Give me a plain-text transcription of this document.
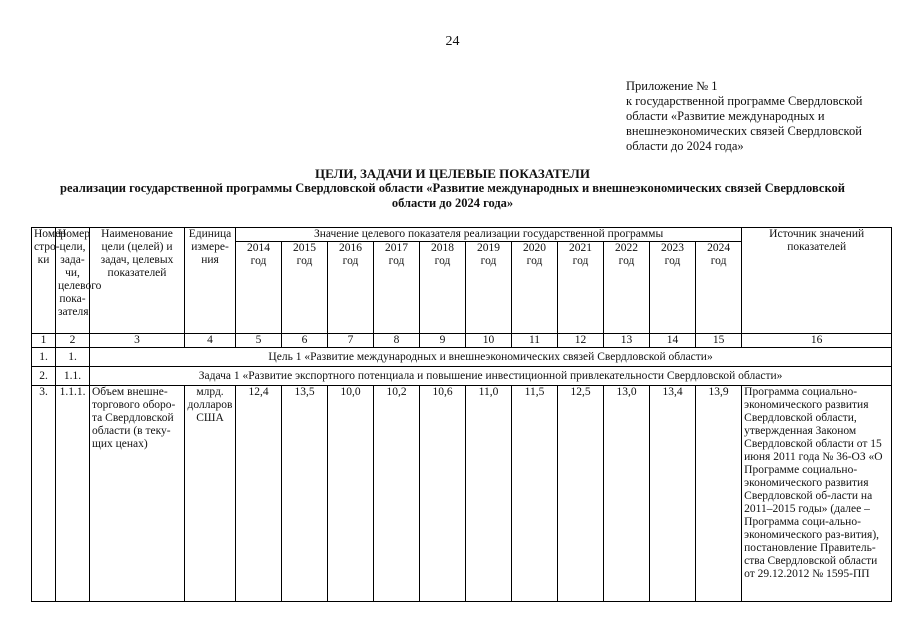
24
Приложение № 1
к государственной программе Свердловской
области «Развитие международных и
внешнеэкономических связей Свердловской
области до 2024 года»
ЦЕЛИ, ЗАДАЧИ И ЦЕЛЕВЫЕ ПОКАЗАТЕЛИ
реализации государственной программы Свердловской области «Развитие международных и внешнеэкономических связей Свердловской
области до 2024 года»
Номер стро-ки	Номер цели, зада-чи, целевого пока-зателя	Наименование цели (целей) и задач, целевых показателей	Единица измере-ния	Значение целевого показателя реализации государственной программы											Источник значений показателей
				2014 год	2015 год	2016 год	2017 год	2018 год	2019 год	2020 год	2021 год	2022 год	2023 год	2024 год	
1	2	3	4	5	6	7	8	9	10	11	12	13	14	15	16
1.	1.	Цель 1 «Развитие международных и внешнеэкономических связей Свердловской области»													
2.	1.1.	Задача 1 «Развитие экспортного потенциала и повышение инвестиционной привлекательности Свердловской области»													
3.	1.1.1.	Объем внешне-торгового оборо-та Свердловской области (в теку-щих ценах)	млрд. долларов США	12,4	13,5	10,0	10,2	10,6	11,0	11,5	12,5	13,0	13,4	13,9	Программа социально-экономического развития Свердловской области, утвержденная Законом Свердловской области от 15 июня 2011 года № 36-ОЗ «О Программе социально-экономического развития Свердловской об-ласти на 2011–2015 годы» (далее – Программа соци-ально-экономического раз-вития), постановление Правитель-ства Свердловской области от 29.12.2012 № 1595-ПП
